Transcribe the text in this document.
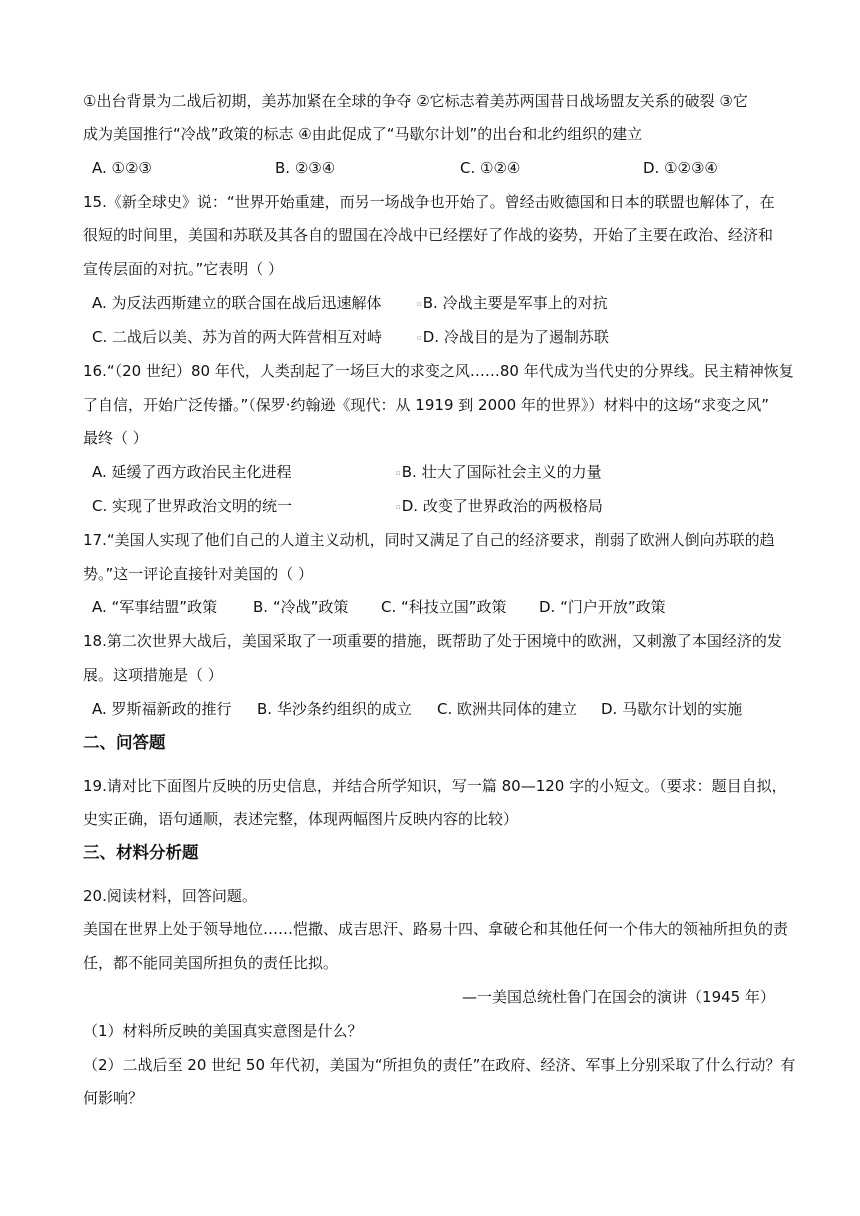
①出台背景为二战后初期，美苏加紧在全球的争夺 ②它标志着美苏两国昔日战场盟友关系的破裂 ③它
成为美国推行“冷战”政策的标志 ④由此促成了“马歇尔计划”的出台和北约组织的建立
A. ①②③	B. ②③④	C. ①②④	D. ①②③④
15.《新全球史》说：“世界开始重建，而另一场战争也开始了。曾经击败德国和日本的联盟也解体了，在
很短的时间里，美国和苏联及其各自的盟国在冷战中已经摆好了作战的姿势，开始了主要在政治、经济和
宣传层面的对抗。”它表明（ ）
A. 为反法西斯建立的联合国在战后迅速解体	▫B. 冷战主要是军事上的对抗
C. 二战后以美、苏为首的两大阵营相互对峙	▫D. 冷战目的是为了遏制苏联
16.“（20 世纪）80 年代，人类刮起了一场巨大的求变之风……80 年代成为当代史的分界线。民主精神恢复
了自信，开始广泛传播。”（保罗·约翰逊《现代：从 1919 到 2000 年的世界》）材料中的这场“求变之风”
最终（ ）
A. 延缓了西方政治民主化进程	▫B. 壮大了国际社会主义的力量
C. 实现了世界政治文明的统一	▫D. 改变了世界政治的两极格局
17.“美国人实现了他们自己的人道主义动机，同时又满足了自己的经济要求，削弱了欧洲人倒向苏联的趋
势。”这一评论直接针对美国的（ ）
A. “军事结盟”政策 B. “冷战”政策 C. “科技立国”政策 D. “门户开放”政策
18.第二次世界大战后，美国采取了一项重要的措施，既帮助了处于困境中的欧洲，又刺激了本国经济的发
展。这项措施是（ ）
A. 罗斯福新政的推行 B. 华沙条约组织的成立 C. 欧洲共同体的建立 D. 马歇尔计划的实施
二、问答题
19.请对比下面图片反映的历史信息，并结合所学知识，写一篇 80—120 字的小短文。（要求：题目自拟，
史实正确，语句通顺，表述完整，体现两幅图片反映内容的比较）
三、材料分析题
20.阅读材料，回答问题。
美国在世界上处于领导地位……恺撒、成吉思汗、路易十四、拿破仑和其他任何一个伟大的领袖所担负的责
任，都不能同美国所担负的责任比拟。
—一美国总统杜鲁门在国会的演讲（1945 年）
（1）材料所反映的美国真实意图是什么？
（2）二战后至 20 世纪 50 年代初，美国为“所担负的责任”在政府、经济、军事上分别采取了什么行动？有
何影响？
